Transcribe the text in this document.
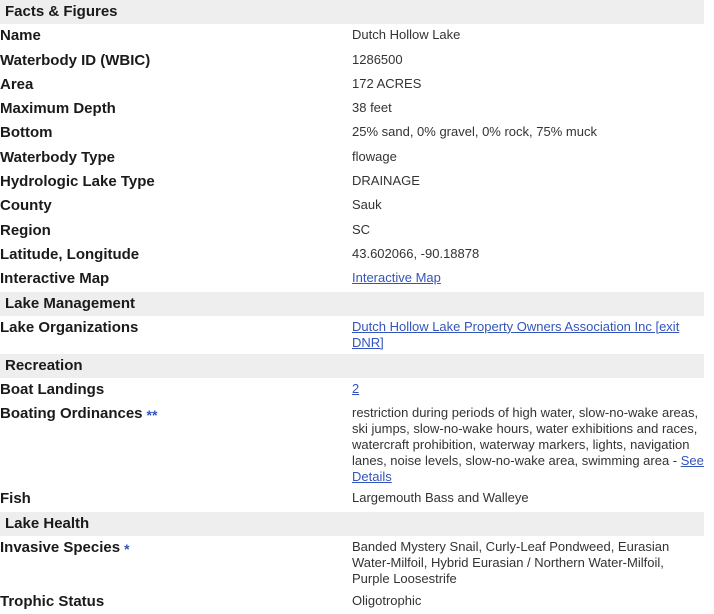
Facts & Figures	
Name	Dutch Hollow Lake
Waterbody ID (WBIC)	1286500
Area	172 ACRES
Maximum Depth	38 feet
Bottom	25% sand, 0% gravel, 0% rock, 75% muck
Waterbody Type	flowage
Hydrologic Lake Type	DRAINAGE
County	Sauk
Region	SC
Latitude, Longitude	43.602066, -90.18878
Interactive Map	Interactive Map
Lake Management	
Lake Organizations	Dutch Hollow Lake Property Owners Association Inc [exit DNR]
Recreation	
Boat Landings	2
Boating Ordinances **	restriction during periods of high water, slow-no-wake areas, ski jumps, slow-no-wake hours, water exhibitions and races, watercraft prohibition, waterway markers, lights, navigation lanes, noise levels, slow-no-wake area, swimming area - See Details

Fish	Largemouth Bass and Walleye
Lake Health	
Invasive Species *	Banded Mystery Snail, Curly-Leaf Pondweed, Eurasian Water-Milfoil, Hybrid Eurasian / Northern Water-Milfoil, Purple Loosestrife
Trophic Status	Oligotrophic
